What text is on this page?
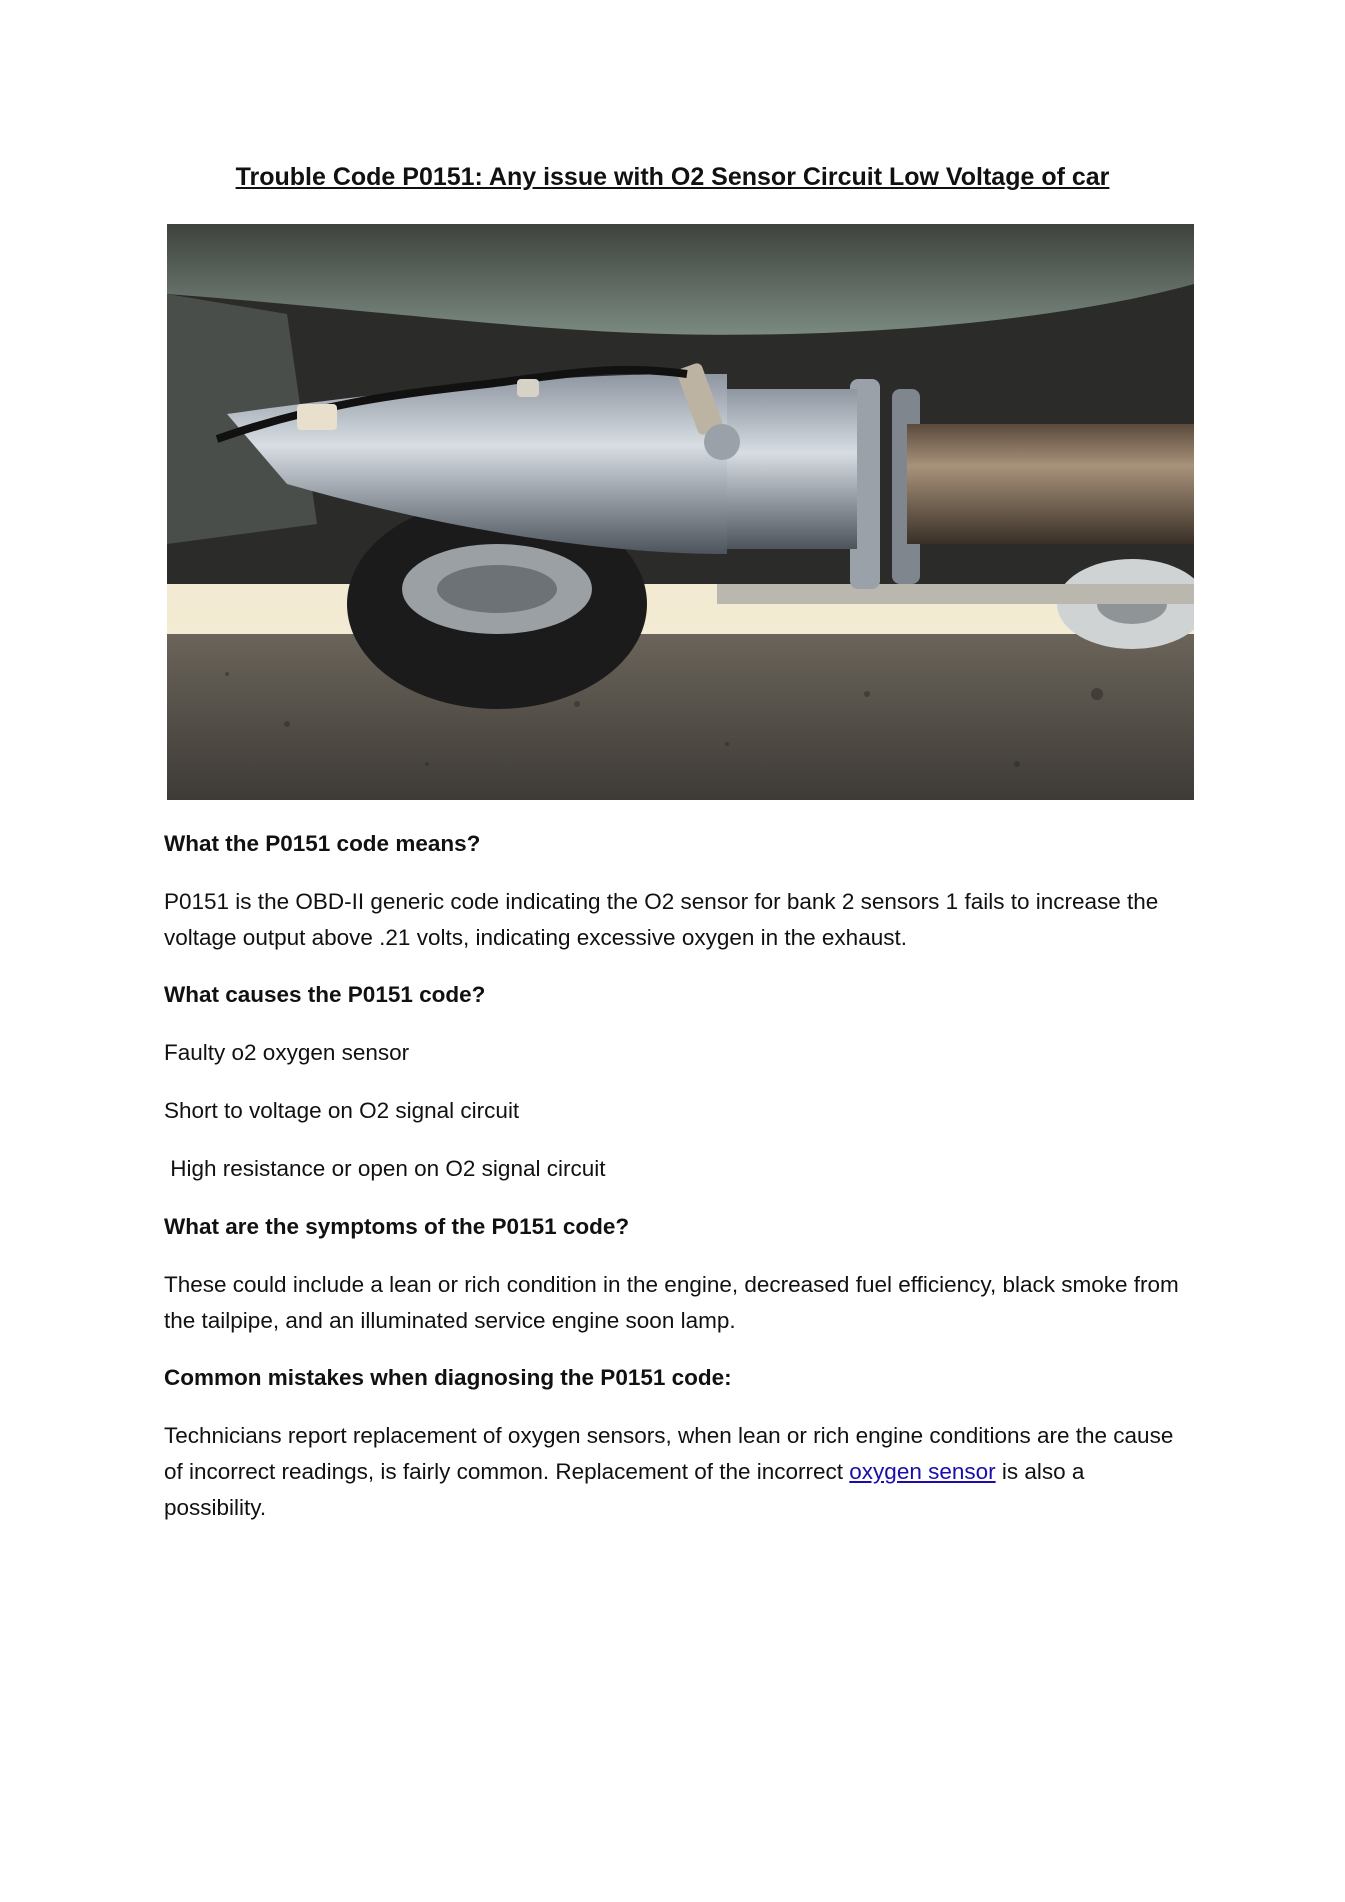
Trouble Code P0151: Any issue with O2 Sensor Circuit Low Voltage of car

What the P0151 code means?

P0151 is the OBD-II generic code indicating the O2 sensor for bank 2 sensors 1 fails to increase the voltage output above .21 volts, indicating excessive oxygen in the exhaust.

What causes the P0151 code?

Faulty o2 oxygen sensor

Short to voltage on O2 signal circuit

High resistance or open on O2 signal circuit

What are the symptoms of the P0151 code?

These could include a lean or rich condition in the engine, decreased fuel efficiency, black smoke from the tailpipe, and an illuminated service engine soon lamp.

Common mistakes when diagnosing the P0151 code:

Technicians report replacement of oxygen sensors, when lean or rich engine conditions are the cause of incorrect readings, is fairly common. Replacement of the incorrect oxygen sensor is also a possibility.
